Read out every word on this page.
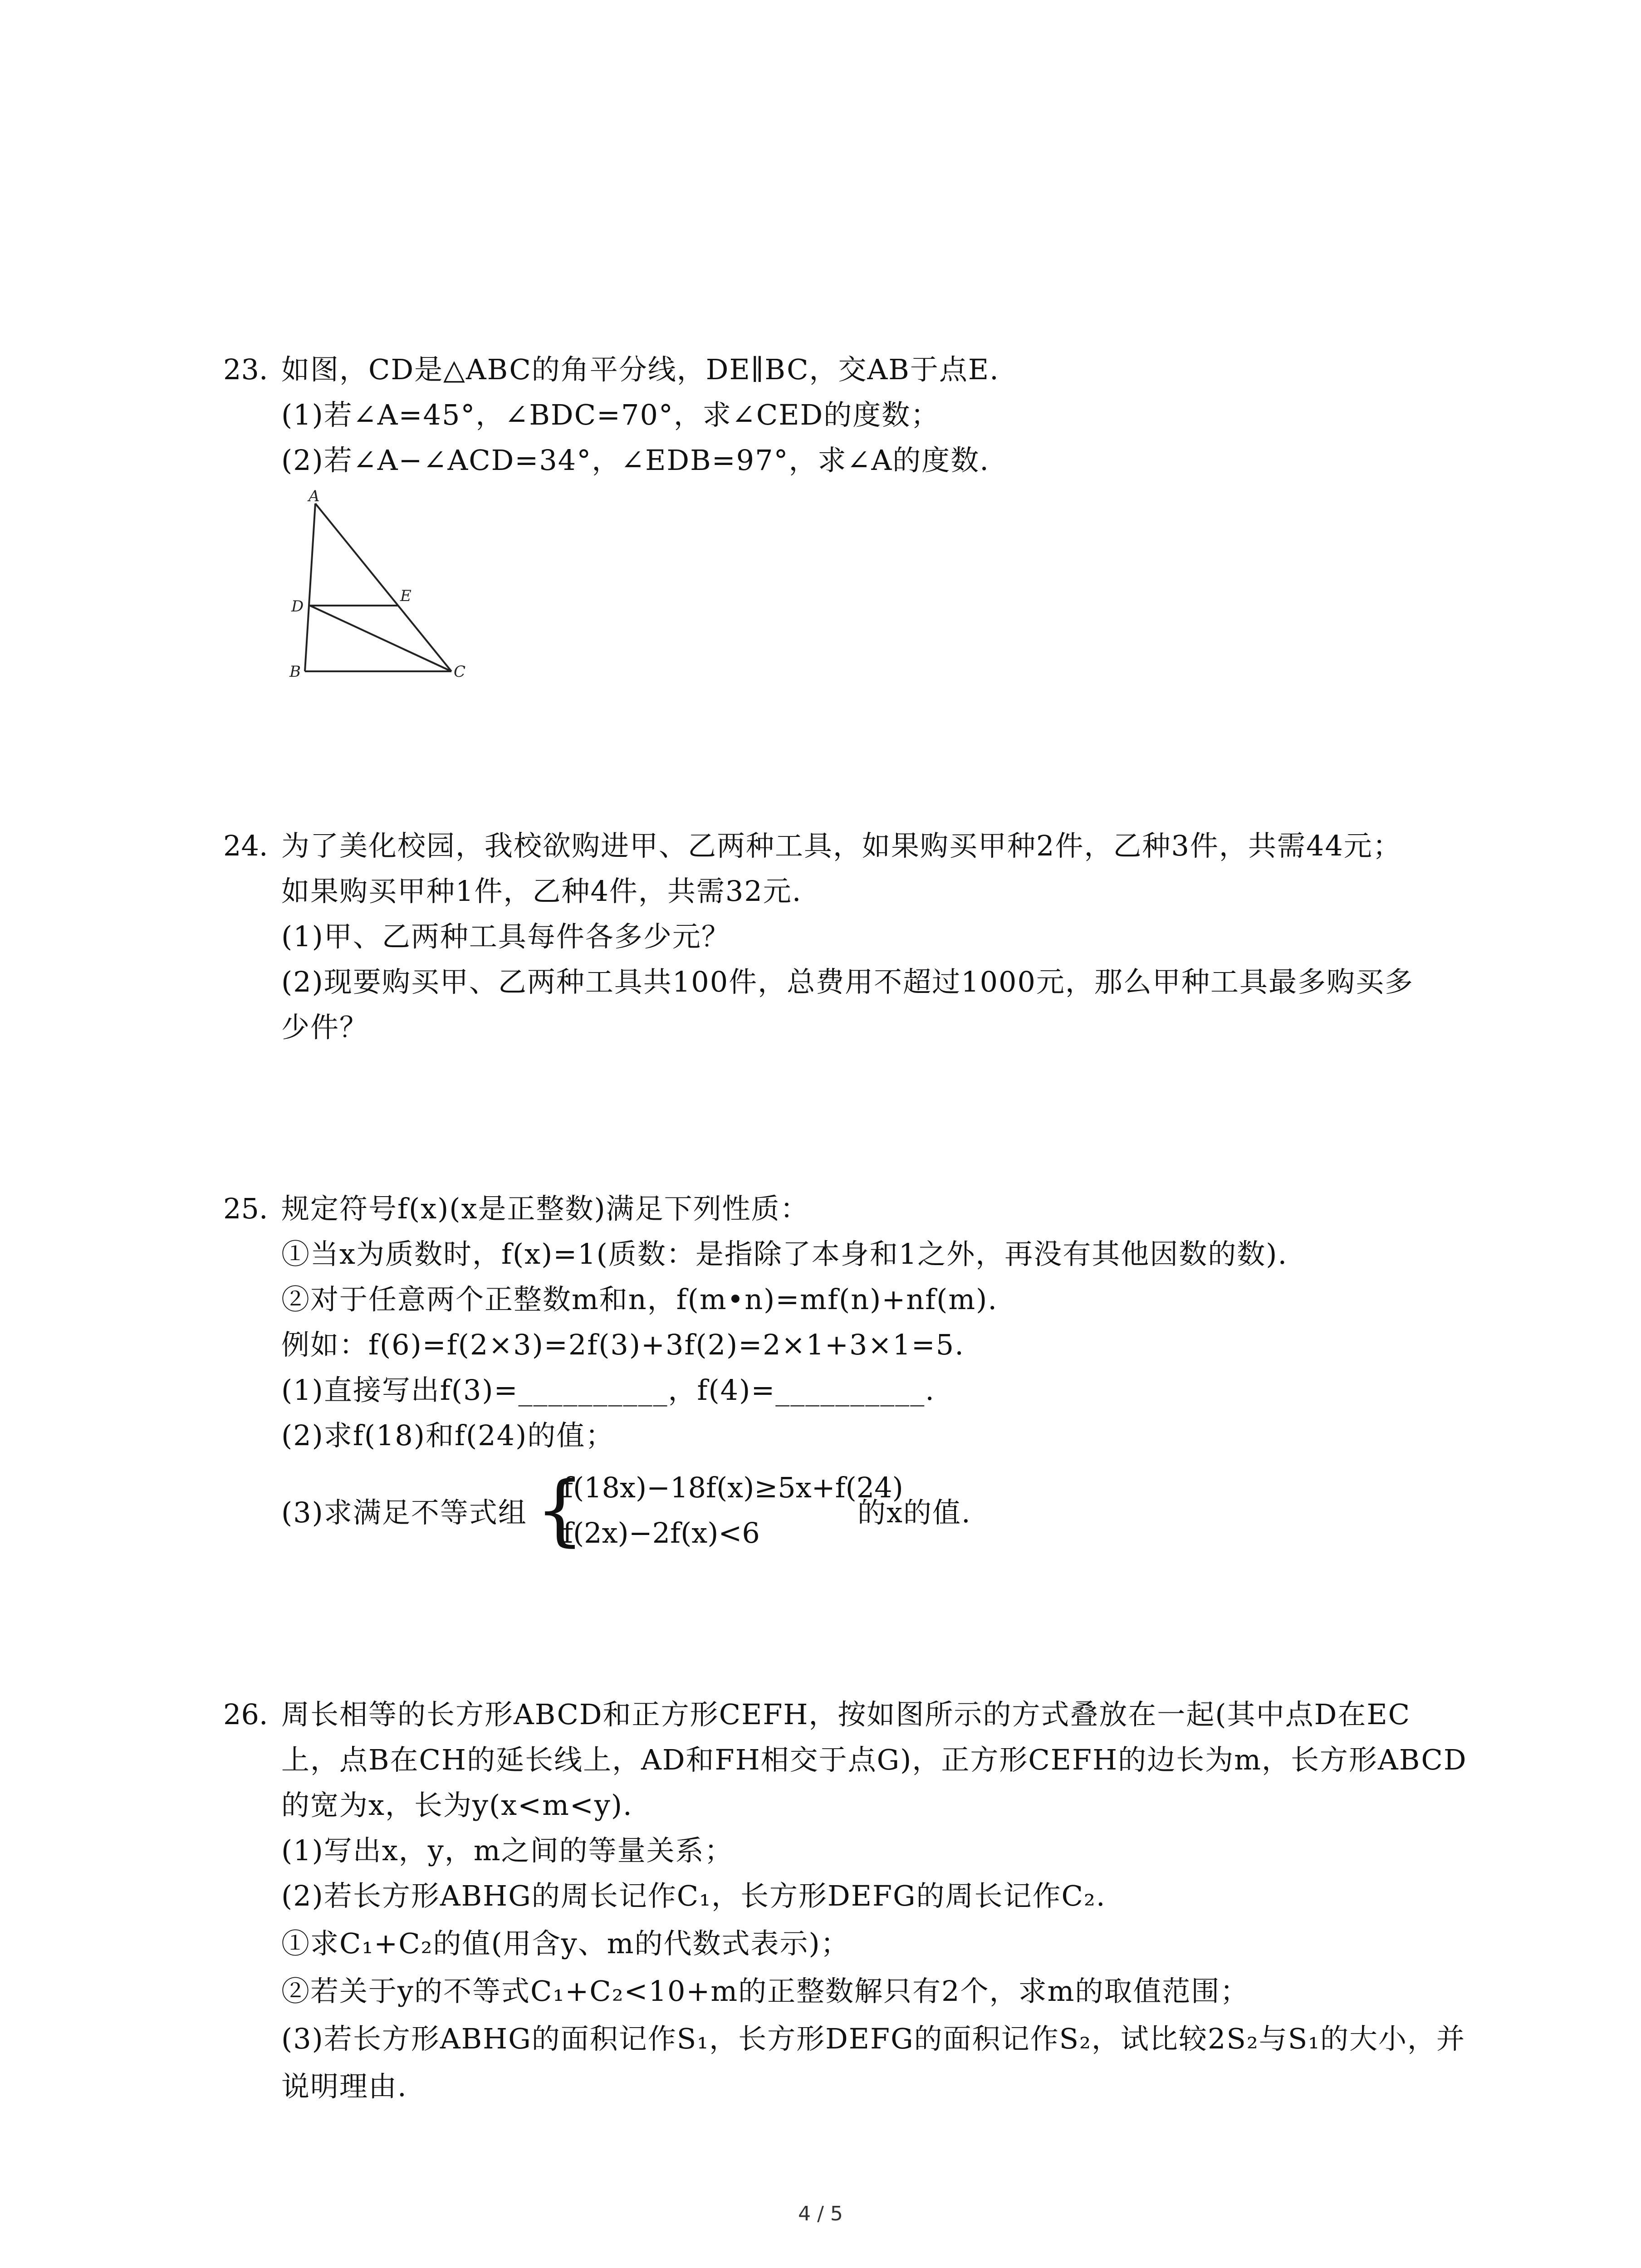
23. 如图，CD是△ABC的角平分线，DE∥BC，交AB于点E.
(1)若∠A=45°，∠BDC=70°，求∠CED的度数；
(2)若∠A−∠ACD=34°，∠EDB=97°，求∠A的度数.
A
D
E
B	C
24. 为了美化校园，我校欲购进甲、乙两种工具，如果购买甲种2件，乙种3件，共需44元；
如果购买甲种1件，乙种4件，共需32元.
(1)甲、乙两种工具每件各多少元？
(2)现要购买甲、乙两种工具共100件，总费用不超过1000元，那么甲种工具最多购买多
少件？
25. 规定符号f(x)(x是正整数)满足下列性质：
①当x为质数时，f(x)=1(质数：是指除了本身和1之外，再没有其他因数的数).
②对于任意两个正整数m和n，f(m•n)=mf(n)+nf(m).
例如：f(6)=f(2×3)=2f(3)+3f(2)=2×1+3×1=5.
(1)直接写出f(3)=__________，f(4)=__________.
(2)求f(18)和f(24)的值；
(3)求满足不等式组 {
f(18x)−18f(x)≥5x+f(24)
f(2x)−2f(x)<6
的x的值.
26. 周长相等的长方形ABCD和正方形CEFH，按如图所示的方式叠放在一起(其中点D在EC
上，点B在CH的延长线上，AD和FH相交于点G)，正方形CEFH的边长为m，长方形ABCD
的宽为x，长为y(x<m<y).
(1)写出x，y，m之间的等量关系；
(2)若长方形ABHG的周长记作C₁，长方形DEFG的周长记作C₂.
①求C₁+C₂的值(用含y、m的代数式表示)；
②若关于y的不等式C₁+C₂<10+m的正整数解只有2个，求m的取值范围；
(3)若长方形ABHG的面积记作S₁，长方形DEFG的面积记作S₂，试比较2S₂与S₁的大小，并
说明理由.
4 / 5
